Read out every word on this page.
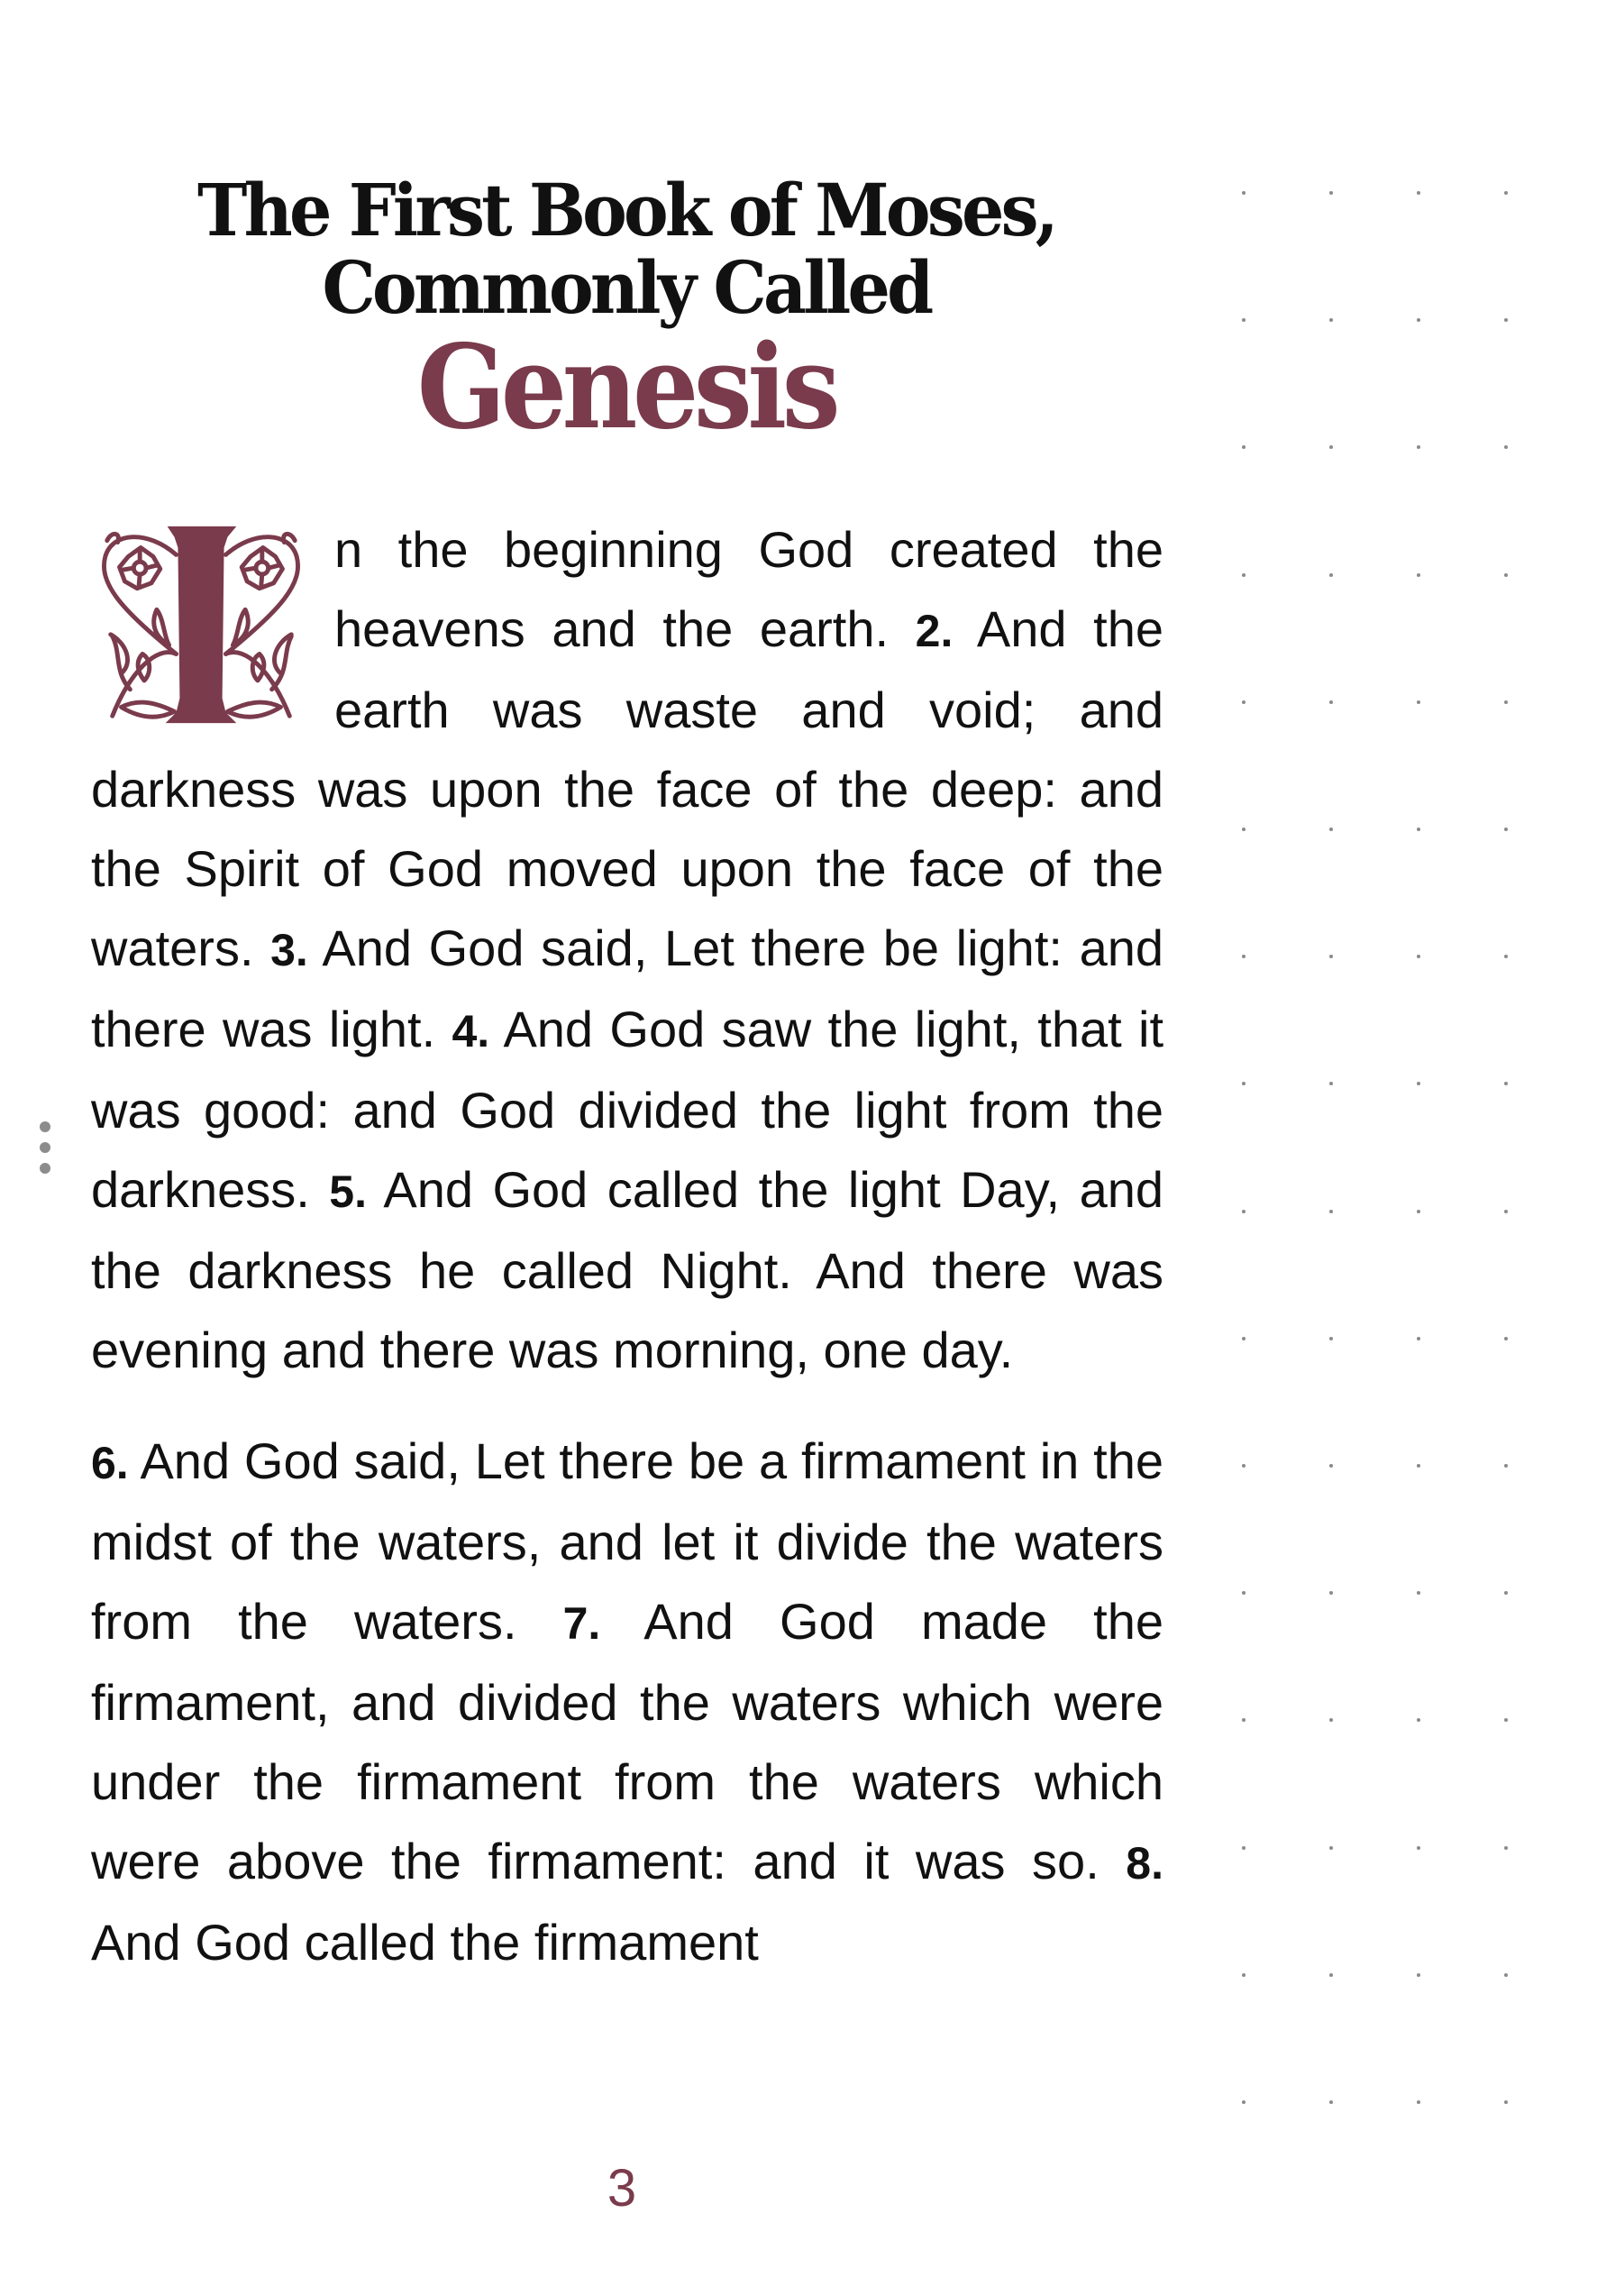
The First Book of Moses,
Commonly Called
Genesis

n the beginning God created the heavens and the earth. 2. And the earth was waste and void; and darkness was upon the face of the deep: and the Spirit of God moved upon the face of the waters. 3. And God said, Let there be light: and there was light. 4. And God saw the light, that it was good: and God divided the light from the darkness. 5. And God called the light Day, and the darkness he called Night. And there was evening and there was morning, one day.

6. And God said, Let there be a firmament in the midst of the waters, and let it divide the waters from the waters. 7. And God made the firmament, and divided the waters which were under the firmament from the waters which were above the firmament: and it was so. 8. And God called the firmament

3
